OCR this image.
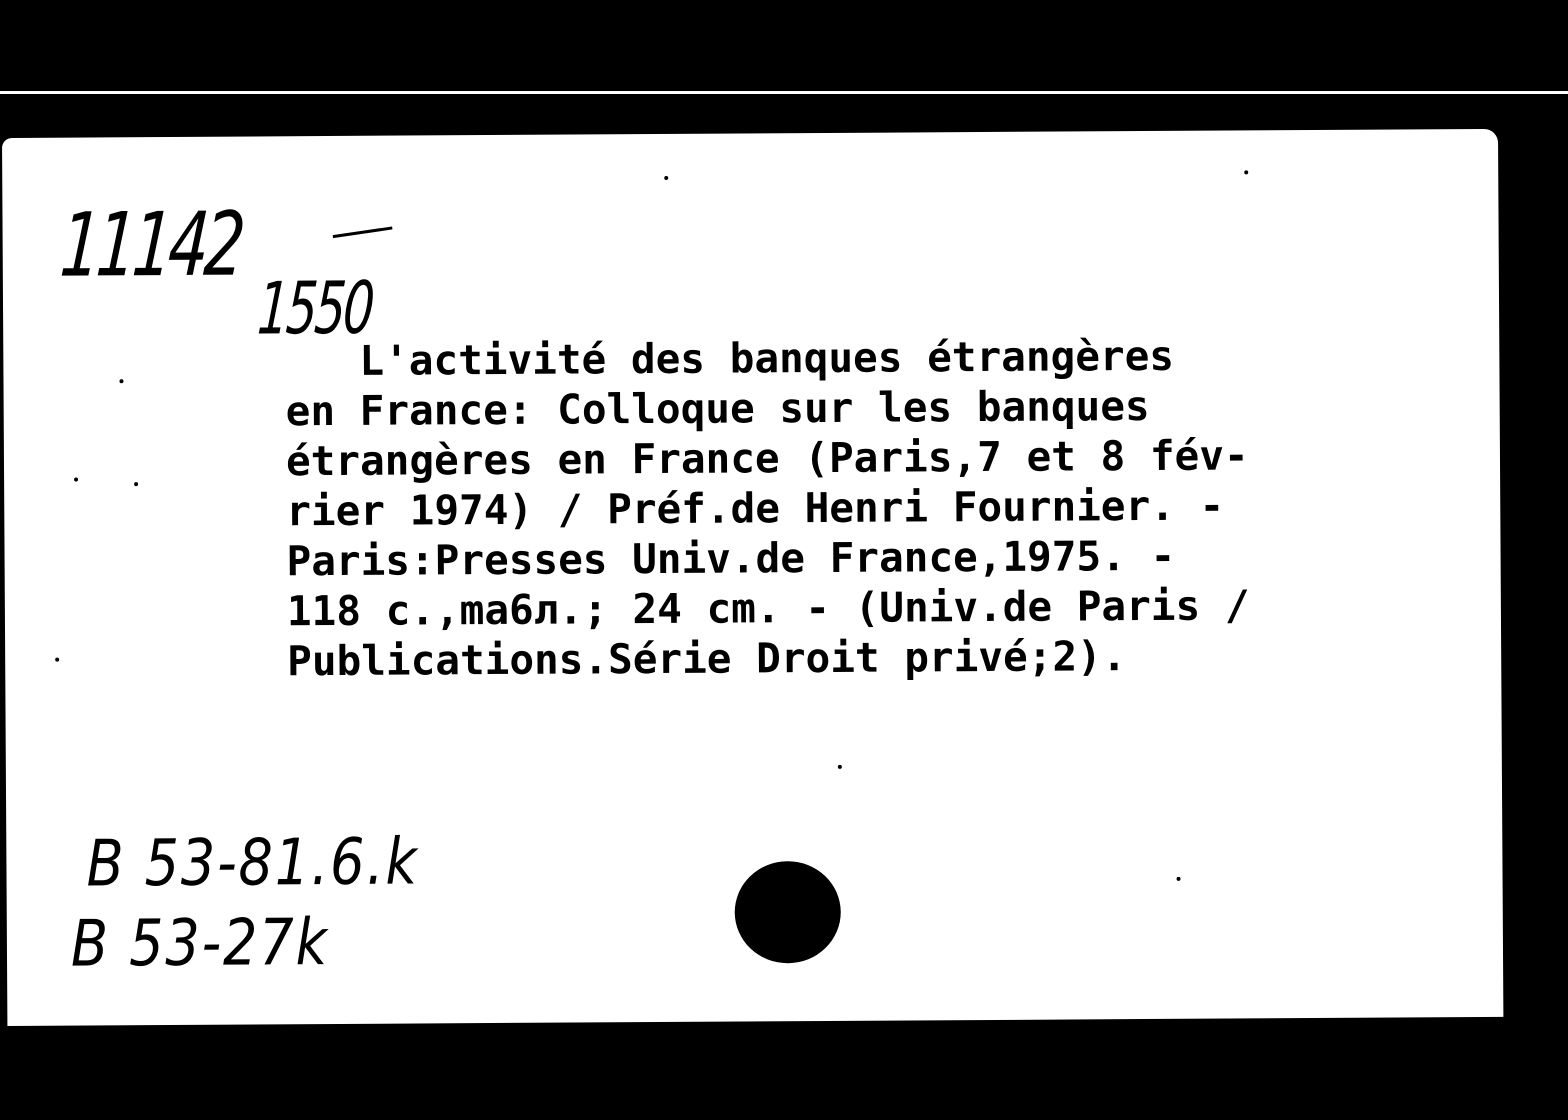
11142
1550
L'activité des banques étrangères
en France: Colloque sur les banques
étrangères en France (Paris,7 et 8 fév-
rier 1974) / Préf.de Henri Fournier. -
Paris:Presses Univ.de France,1975. -
118 c.,ma6л.; 24 cm. - (Univ.de Paris /
Publications.Série Droit privé;2).
B 53-81.6.k
B 53-27k
